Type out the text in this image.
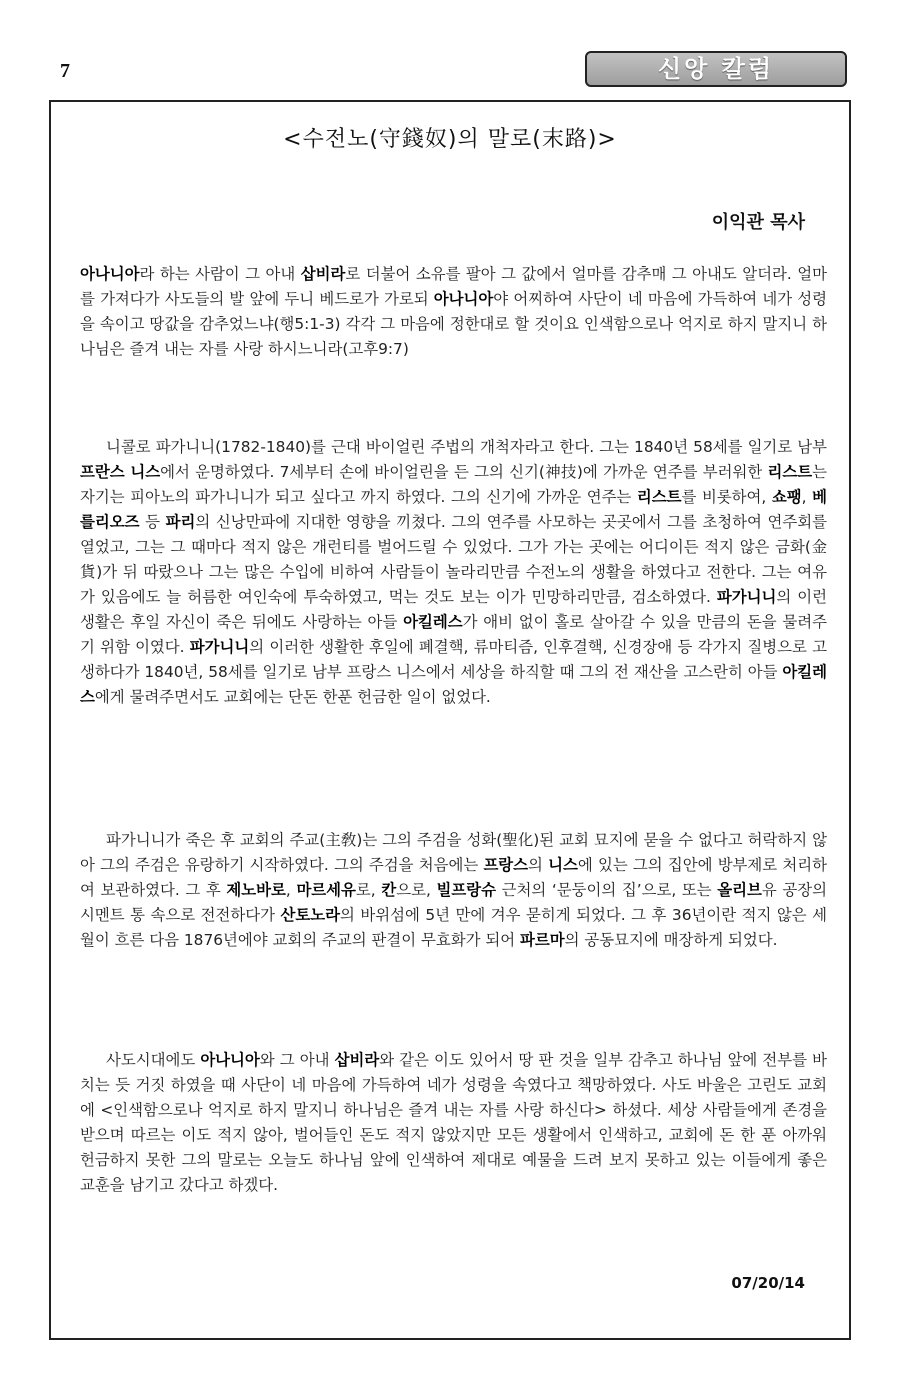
7	신앙 칼럼
<수전노(守錢奴)의 말로(末路)>
이익관 목사

아나니아라 하는 사람이 그 아내 삽비라로 더불어 소유를 팔아 그 값에서 얼마를 감추매 그 아내도 알더라. 얼마를 가져다가 사도들의 발 앞에 두니 베드로가 가로되 아나니아야 어찌하여 사단이 네 마음에 가득하여 네가 성령을 속이고 땅값을 감추었느냐(행5:1-3) 각각 그 마음에 정한대로 할 것이요 인색함으로나 억지로 하지 말지니 하나님은 즐겨 내는 자를 사랑 하시느니라(고후9:7)

니콜로 파가니니(1782-1840)를 근대 바이얼린 주법의 개척자라고 한다. 그는 1840년 58세를 일기로 남부 프란스 니스에서 운명하였다. 7세부터 손에 바이얼린을 든 그의 신기(神技)에 가까운 연주를 부러워한 리스트는 자기는 피아노의 파가니니가 되고 싶다고 까지 하였다. 그의 신기에 가까운 연주는 리스트를 비롯하여, 쇼팽, 베를리오즈 등 파리의 신낭만파에 지대한 영향을 끼쳤다. 그의 연주를 사모하는 곳곳에서 그를 초청하여 연주회를 열었고, 그는 그 때마다 적지 않은 개런티를 벌어드릴 수 있었다. 그가 가는 곳에는 어디이든 적지 않은 금화(金貨)가 뒤 따랐으나 그는 많은 수입에 비하여 사람들이 놀라리만큼 수전노의 생활을 하였다고 전한다. 그는 여유가 있음에도 늘 허름한 여인숙에 투숙하였고, 먹는 것도 보는 이가 민망하리만큼, 검소하였다. 파가니니의 이런 생활은 후일 자신이 죽은 뒤에도 사랑하는 아들 아킬레스가 애비 없이 홀로 살아갈 수 있을 만큼의 돈을 물려주기 위함 이였다. 파가니니의 이러한 생활한 후일에 폐결핵, 류마티즘, 인후결핵, 신경장애 등 각가지 질병으로 고생하다가 1840년, 58세를 일기로 남부 프랑스 니스에서 세상을 하직할 때 그의 전 재산을 고스란히 아들 아킬레스에게 물려주면서도 교회에는 단돈 한푼 헌금한 일이 없었다.

파가니니가 죽은 후 교회의 주교(主敎)는 그의 주검을 성화(聖化)된 교회 묘지에 묻을 수 없다고 허락하지 않아 그의 주검은 유랑하기 시작하였다. 그의 주검을 처음에는 프랑스의 니스에 있는 그의 집안에 방부제로 처리하여 보관하였다. 그 후 제노바로, 마르세유로, 칸으로, 빌프랑슈 근처의 ‘문둥이의 집’으로, 또는 올리브유 공장의 시멘트 통 속으로 전전하다가 산토노라의 바위섬에 5년 만에 겨우 묻히게 되었다. 그 후 36년이란 적지 않은 세월이 흐른 다음 1876년에야 교회의 주교의 판결이 무효화가 되어 파르마의 공동묘지에 매장하게 되었다.

사도시대에도 아나니아와 그 아내 삽비라와 같은 이도 있어서 땅 판 것을 일부 감추고 하나님 앞에 전부를 바치는 듯 거짓 하였을 때 사단이 네 마음에 가득하여 네가 성령을 속였다고 책망하였다. 사도 바울은 고린도 교회에 <인색함으로나 억지로 하지 말지니 하나님은 즐겨 내는 자를 사랑 하신다> 하셨다. 세상 사람들에게 존경을 받으며 따르는 이도 적지 않아, 벌어들인 돈도 적지 않았지만 모든 생활에서 인색하고, 교회에 돈 한 푼 아까워 헌금하지 못한 그의 말로는 오늘도 하나님 앞에 인색하여 제대로 예물을 드려 보지 못하고 있는 이들에게 좋은 교훈을 남기고 갔다고 하겠다.

07/20/14
